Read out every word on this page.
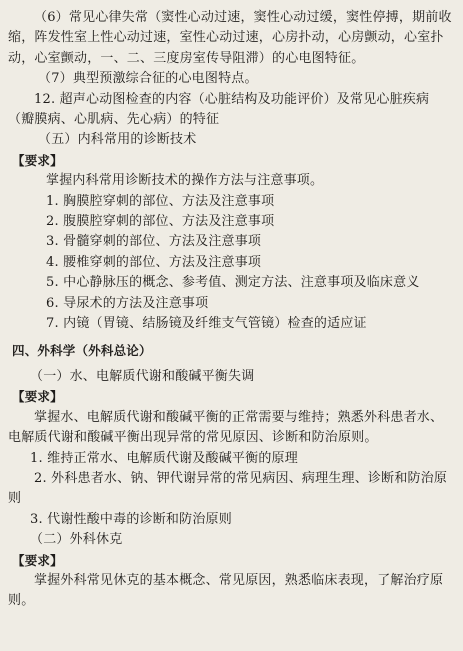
（6）常见心律失常（窦性心动过速，窦性心动过缓，窦性停搏，期前收缩，阵发性室上性心动过速，室性心动过速，心房扑动，心房颤动，心室扑动，心室颤动，一、二、三度房室传导阻滞）的心电图特征。

（7）典型预激综合征的心电图特点。

12. 超声心动图检查的内容（心脏结构及功能评价）及常见心脏疾病（瓣膜病、心肌病、先心病）的特征

（五）内科常用的诊断技术

【要求】

掌握内科常用诊断技术的操作方法与注意事项。

1. 胸膜腔穿刺的部位、方法及注意事项

2. 腹膜腔穿刺的部位、方法及注意事项

3. 骨髓穿刺的部位、方法及注意事项

4. 腰椎穿刺的部位、方法及注意事项

5. 中心静脉压的概念、参考值、测定方法、注意事项及临床意义

6. 导尿术的方法及注意事项

7. 内镜（胃镜、结肠镜及纤维支气管镜）检查的适应证

四、外科学（外科总论）

（一）水、电解质代谢和酸碱平衡失调

【要求】

掌握水、电解质代谢和酸碱平衡的正常需要与维持；熟悉外科患者水、电解质代谢和酸碱平衡出现异常的常见原因、诊断和防治原则。

1. 维持正常水、电解质代谢及酸碱平衡的原理

2. 外科患者水、钠、钾代谢异常的常见病因、病理生理、诊断和防治原则

3. 代谢性酸中毒的诊断和防治原则

（二）外科休克

【要求】

掌握外科常见休克的基本概念、常见原因，熟悉临床表现，了解治疗原则。
